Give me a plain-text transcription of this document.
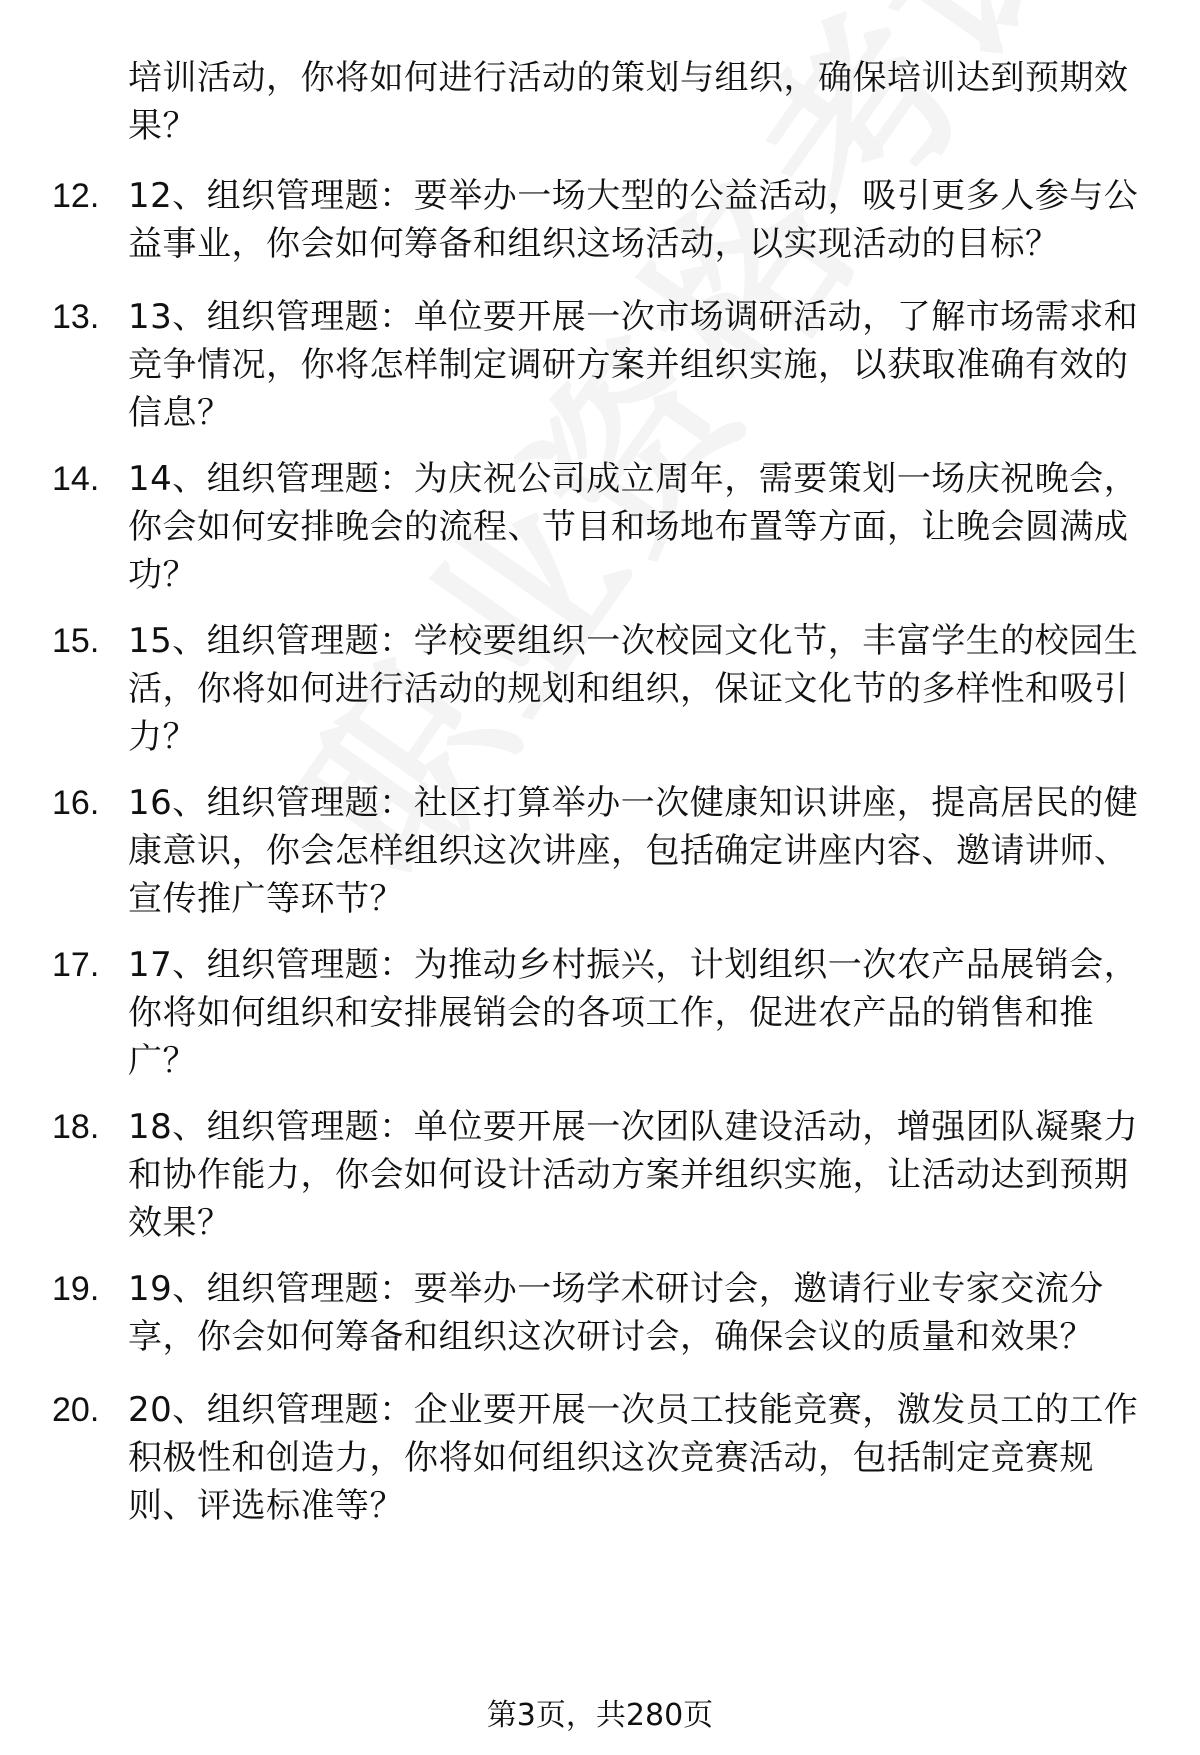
培训活动，你将如何进行活动的策划与组织，确保培训达到预期效果？
12. 12、组织管理题：要举办一场大型的公益活动，吸引更多人参与公益事业，你会如何筹备和组织这场活动，以实现活动的目标？
13. 13、组织管理题：单位要开展一次市场调研活动，了解市场需求和竞争情况，你将怎样制定调研方案并组织实施，以获取准确有效的信息？
14. 14、组织管理题：为庆祝公司成立周年，需要策划一场庆祝晚会，你会如何安排晚会的流程、节目和场地布置等方面，让晚会圆满成功？
15. 15、组织管理题：学校要组织一次校园文化节，丰富学生的校园生活，你将如何进行活动的规划和组织，保证文化节的多样性和吸引力？
16. 16、组织管理题：社区打算举办一次健康知识讲座，提高居民的健康意识，你会怎样组织这次讲座，包括确定讲座内容、邀请讲师、宣传推广等环节？
17. 17、组织管理题：为推动乡村振兴，计划组织一次农产品展销会，你将如何组织和安排展销会的各项工作，促进农产品的销售和推广？
18. 18、组织管理题：单位要开展一次团队建设活动，增强团队凝聚力和协作能力，你会如何设计活动方案并组织实施，让活动达到预期效果？
19. 19、组织管理题：要举办一场学术研讨会，邀请行业专家交流分享，你会如何筹备和组织这次研讨会，确保会议的质量和效果？
20. 20、组织管理题：企业要开展一次员工技能竞赛，激发员工的工作积极性和创造力，你将如何组织这次竞赛活动，包括制定竞赛规则、评选标准等？
第3页，共280页
